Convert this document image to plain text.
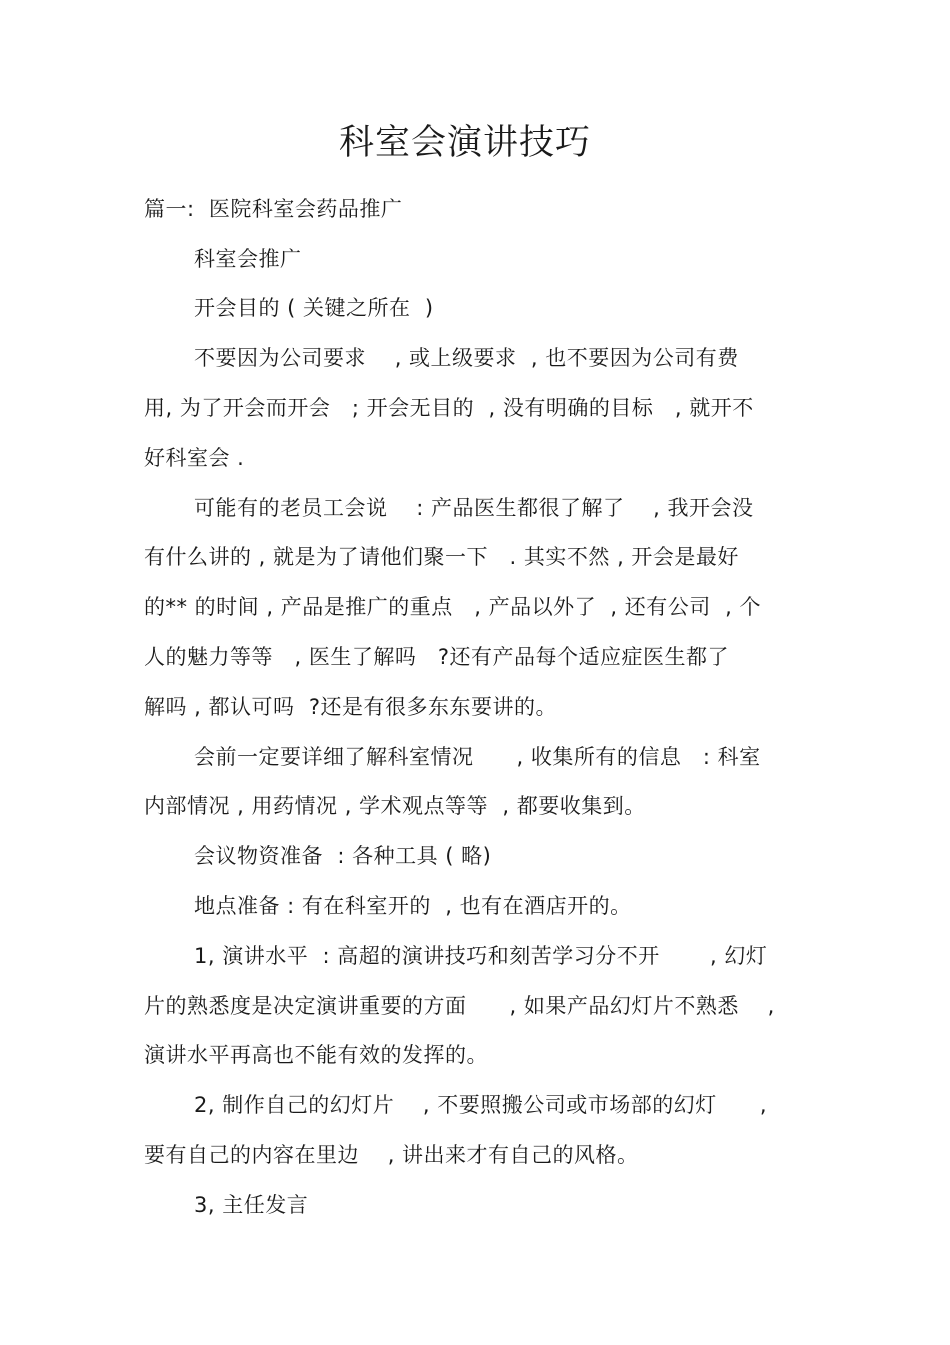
科室会演讲技巧
篇一:  医院科室会药品推广
科室会推广
开会目的 ( 关键之所在  )
不要因为公司要求    , 或上级要求  , 也不要因为公司有费
用, 为了开会而开会   ; 开会无目的  , 没有明确的目标   , 就开不
好科室会 .
可能有的老员工会说    : 产品医生都很了解了    , 我开会没
有什么讲的 , 就是为了请他们聚一下   . 其实不然 , 开会是最好
的** 的时间 , 产品是推广的重点   , 产品以外了  , 还有公司  , 个
人的魅力等等   , 医生了解吗   ?还有产品每个适应症医生都了
解吗 , 都认可吗  ?还是有很多东东要讲的。
会前一定要详细了解科室情况      , 收集所有的信息   : 科室
内部情况 , 用药情况 , 学术观点等等  , 都要收集到。
会议物资准备  : 各种工具 ( 略)
地点准备 : 有在科室开的  , 也有在酒店开的。
1, 演讲水平  : 高超的演讲技巧和刻苦学习分不开       , 幻灯
片的熟悉度是决定演讲重要的方面      , 如果产品幻灯片不熟悉    ,
演讲水平再高也不能有效的发挥的。
2, 制作自己的幻灯片    , 不要照搬公司或市场部的幻灯      ,
要有自己的内容在里边    , 讲出来才有自己的风格。
3, 主任发言
